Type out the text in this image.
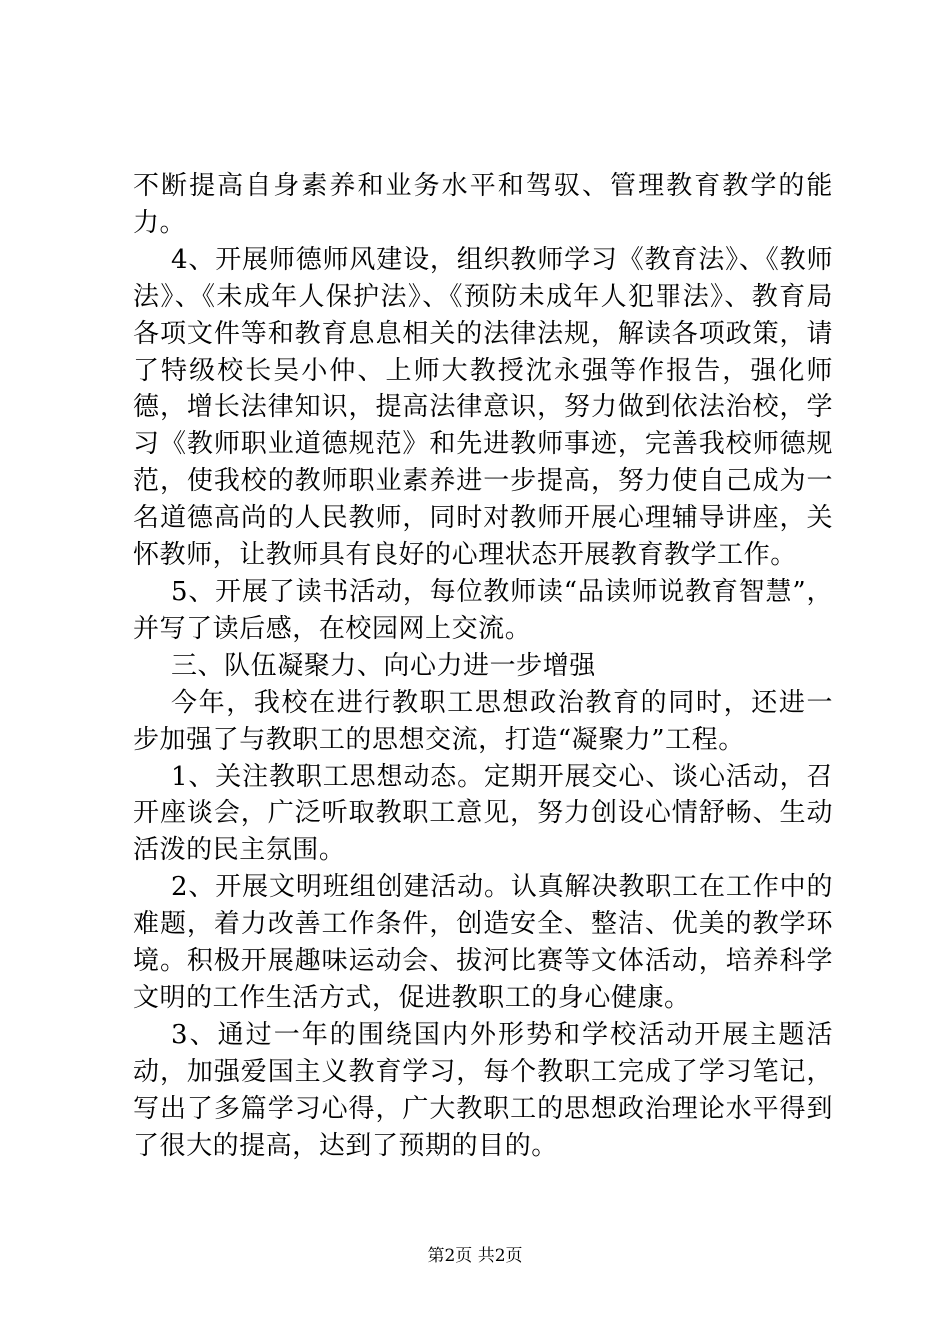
不断提高自身素养和业务水平和驾驭、管理教育教学的能力。

4、开展师德师风建设，组织教师学习《教育法》、《教师法》、《未成年人保护法》、《预防未成年人犯罪法》、教育局各项文件等和教育息息相关的法律法规，解读各项政策，请了特级校长吴小仲、上师大教授沈永强等作报告，强化师德，增长法律知识，提高法律意识，努力做到依法治校，学习《教师职业道德规范》和先进教师事迹，完善我校师德规范，使我校的教师职业素养进一步提高，努力使自己成为一名道德高尚的人民教师，同时对教师开展心理辅导讲座，关怀教师，让教师具有良好的心理状态开展教育教学工作。

5、开展了读书活动，每位教师读“品读师说教育智慧”，并写了读后感，在校园网上交流。

三、队伍凝聚力、向心力进一步增强

今年，我校在进行教职工思想政治教育的同时，还进一步加强了与教职工的思想交流，打造“凝聚力”工程。

1、关注教职工思想动态。定期开展交心、谈心活动，召开座谈会，广泛听取教职工意见，努力创设心情舒畅、生动活泼的民主氛围。

2、开展文明班组创建活动。认真解决教职工在工作中的难题，着力改善工作条件，创造安全、整洁、优美的教学环境。积极开展趣味运动会、拔河比赛等文体活动，培养科学文明的工作生活方式，促进教职工的身心健康。

3、通过一年的围绕国内外形势和学校活动开展主题活动，加强爱国主义教育学习，每个教职工完成了学习笔记，写出了多篇学习心得，广大教职工的思想政治理论水平得到了很大的提高，达到了预期的目的。

第2页 共2页
